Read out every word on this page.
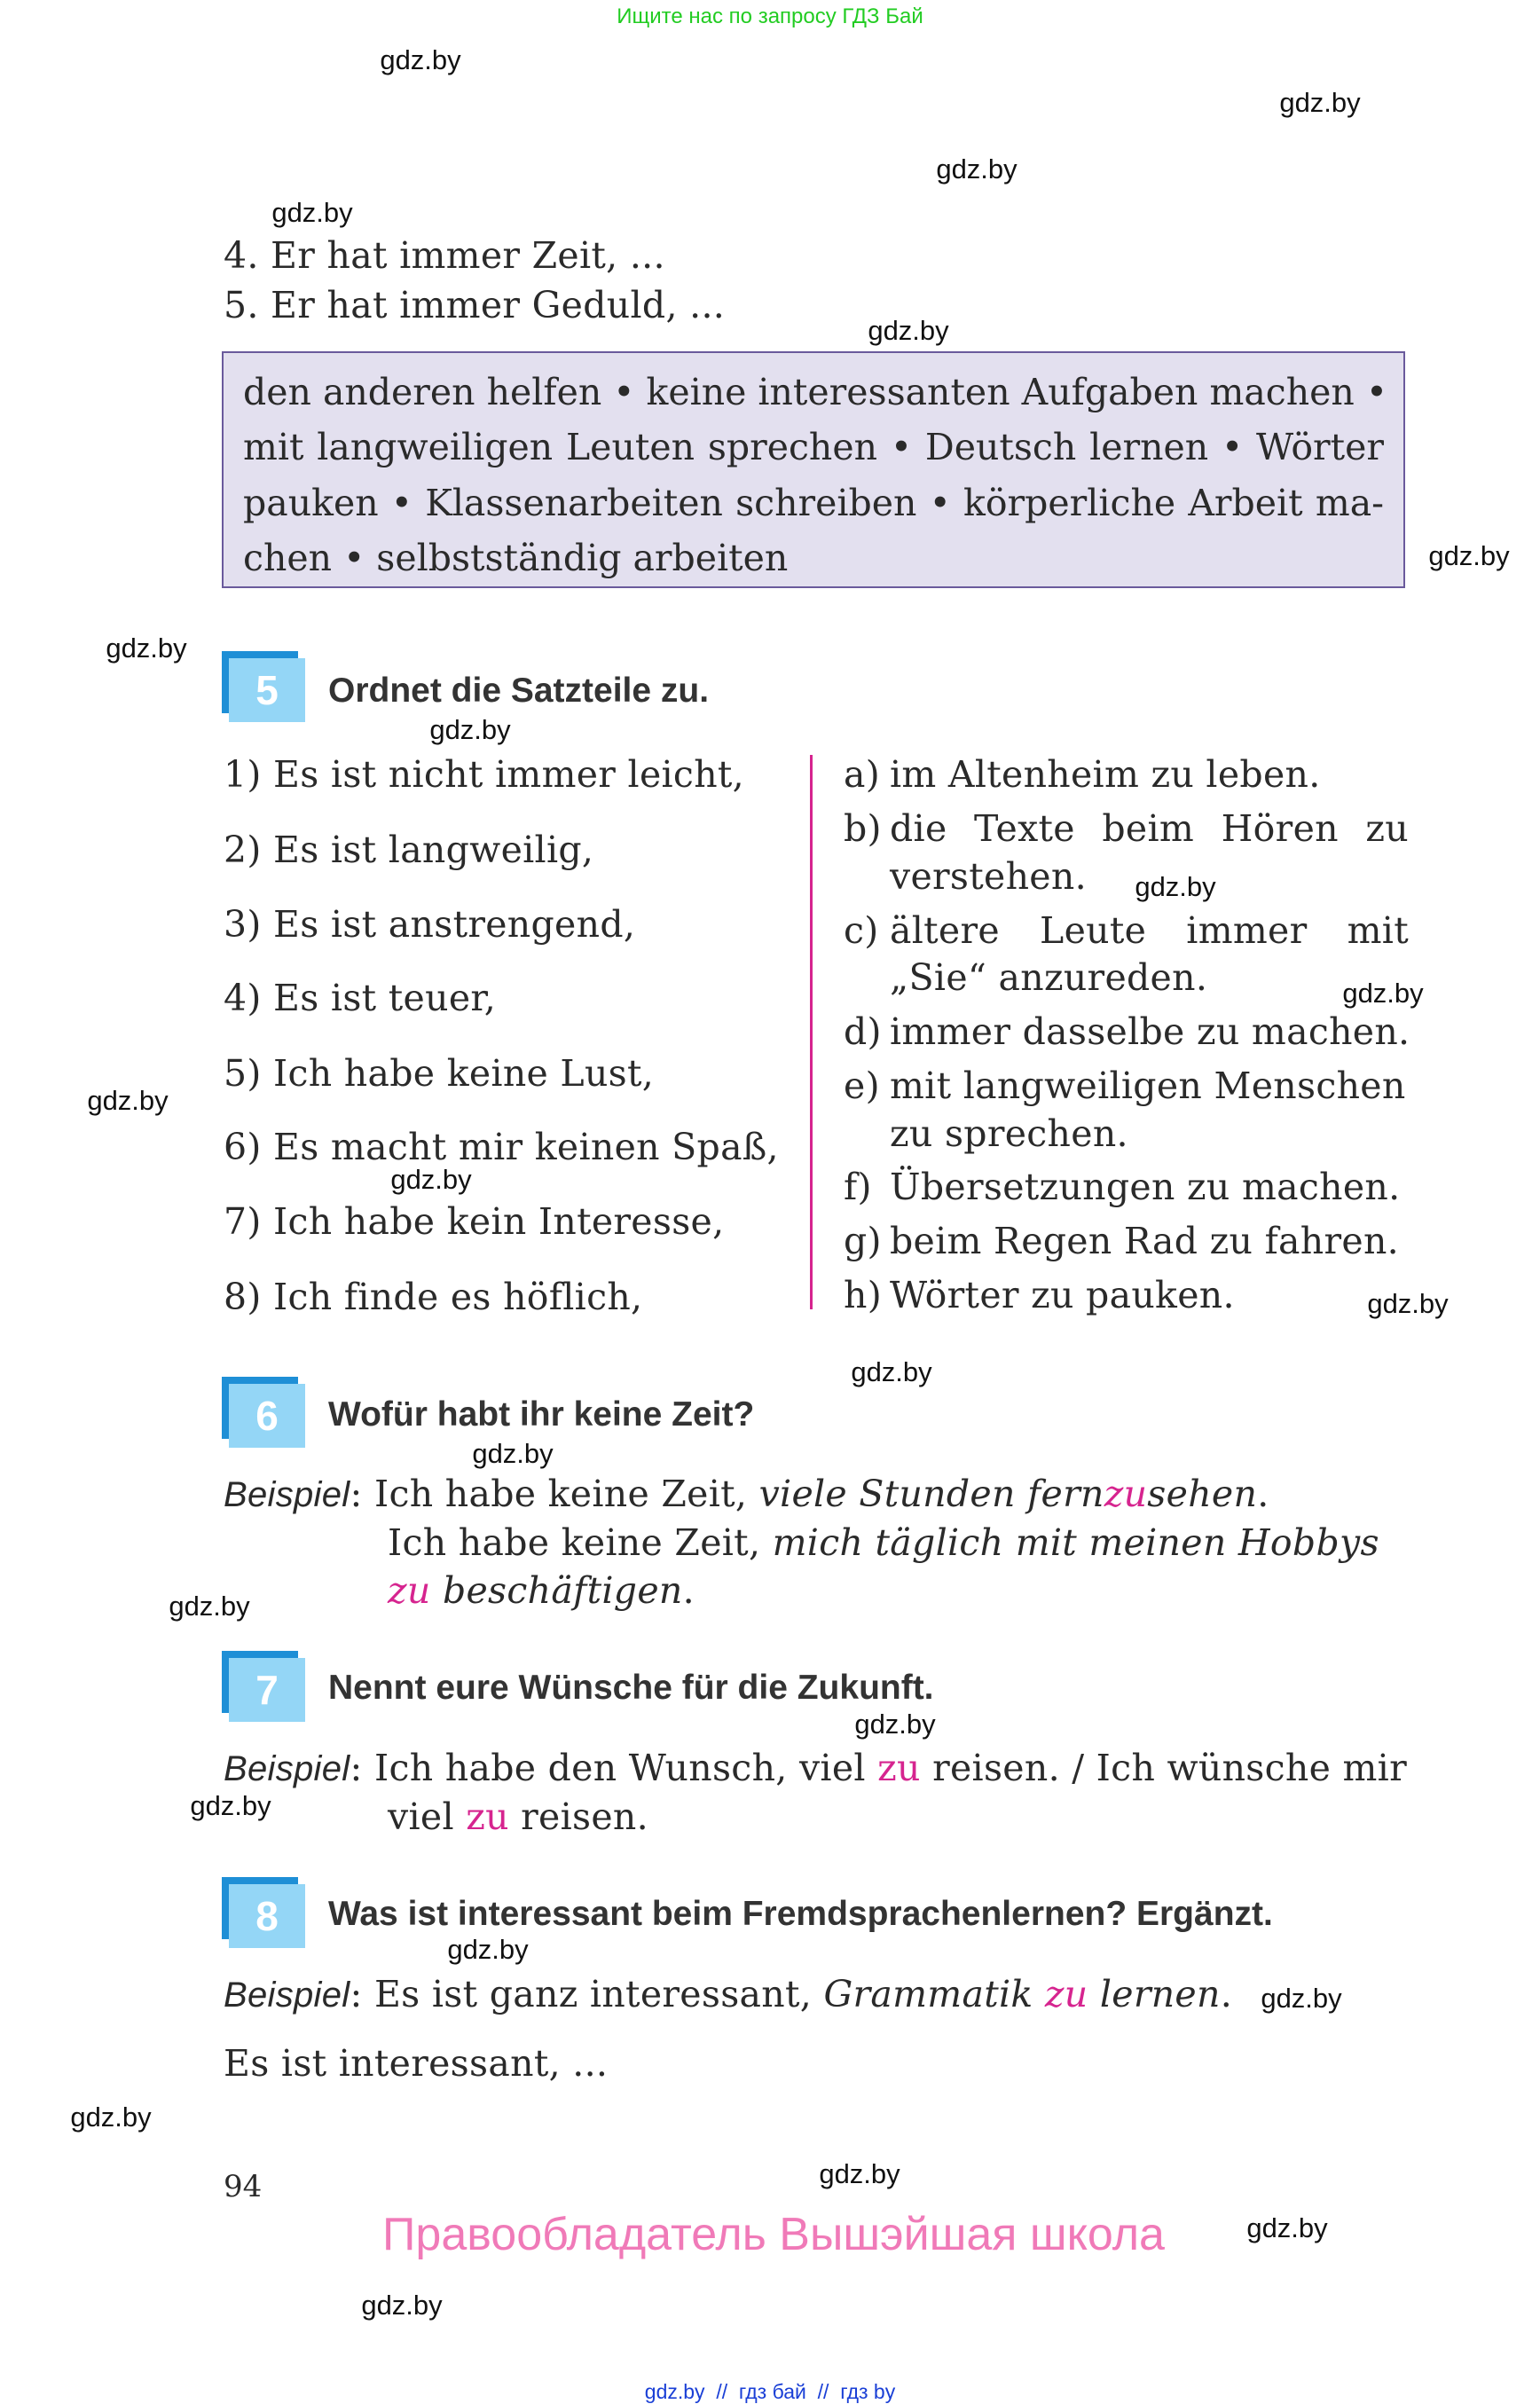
Ищите нас по запросу ГДЗ Бай
gdz.by
gdz.by
gdz.by
gdz.by
gdz.by
gdz.by
gdz.by
gdz.by
gdz.by
gdz.by
gdz.by
gdz.by
gdz.by
gdz.by
gdz.by
gdz.by
gdz.by
gdz.by
gdz.by
gdz.by
gdz.by
gdz.by
gdz.by
gdz.by
4. Er hat immer Zeit, ...
5. Er hat immer Geduld, ...
den anderen helfen • keine interessanten Aufgaben machen •
mit langweiligen Leuten sprechen • Deutsch lernen • Wörter
pauken • Klassenarbeiten schreiben • körperliche Arbeit ma-
chen • selbstständig arbeiten
5	Ordnet die Satzteile zu.
1) Es ist nicht immer leicht,
2) Es ist langweilig,
3) Es ist anstrengend,
4) Es ist teuer,
5) Ich habe keine Lust,
6) Es macht mir keinen Spaß,
7) Ich habe kein Interesse,
8) Ich finde es höflich,
a) im Altenheim zu leben.
b) die Texte beim Hören zu
verstehen.
c) ältere Leute immer mit
„Sie“ anzureden.
d) immer dasselbe zu machen.
e) mit langweiligen Menschen
zu sprechen.
f) Übersetzungen zu machen.
g) beim Regen Rad zu fahren.
h) Wörter zu pauken.
6	Wofür habt ihr keine Zeit?
Beispiel: Ich habe keine Zeit, viele Stunden fernzusehen.
Ich habe keine Zeit, mich täglich mit meinen Hobbys
zu beschäftigen.
7	Nennt eure Wünsche für die Zukunft.
Beispiel: Ich habe den Wunsch, viel zu reisen. / Ich wünsche mir
viel zu reisen.
8	Was ist interessant beim Fremdsprachenlernen? Ergänzt.
Beispiel: Es ist ganz interessant, Grammatik zu lernen.
Es ist interessant, ...
94
Правообладатель Вышэйшая школа
gdz.by  //  гдз бай  //  гдз by
